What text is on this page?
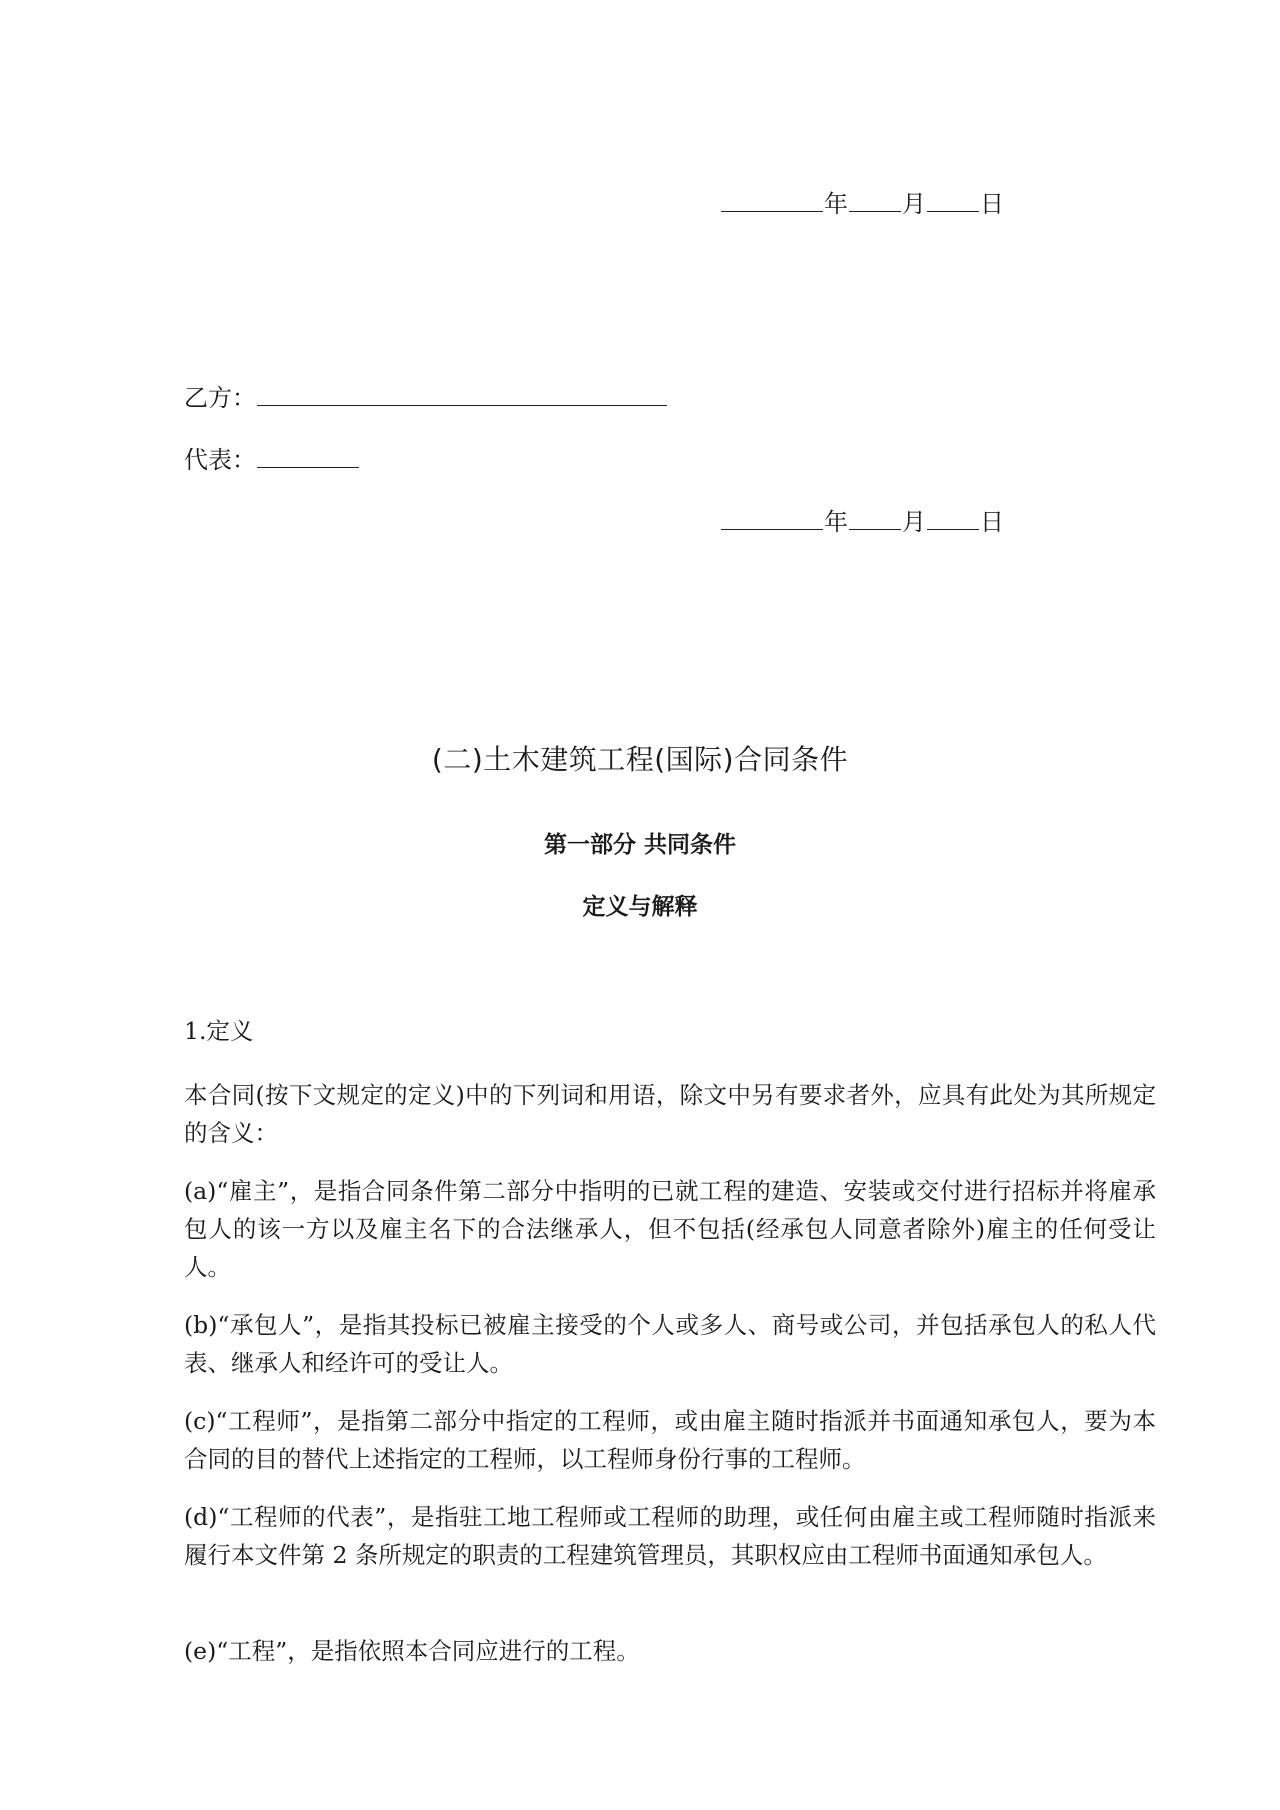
年 月 日
乙方：
代表：
年 月 日
(二)土木建筑工程(国际)合同条件
第一部分 共同条件
定义与解释
1.定义

本合同(按下文规定的定义)中的下列词和用语，除文中另有要求者外，应具有此处为其所规定的含义：

(a)“雇主”，是指合同条件第二部分中指明的已就工程的建造、安装或交付进行招标并将雇承包人的该一方以及雇主名下的合法继承人，但不包括(经承包人同意者除外)雇主的任何受让人。

(b)“承包人”，是指其投标已被雇主接受的个人或多人、商号或公司，并包括承包人的私人代表、继承人和经许可的受让人。

(c)“工程师”，是指第二部分中指定的工程师，或由雇主随时指派并书面通知承包人，要为本合同的目的替代上述指定的工程师，以工程师身份行事的工程师。

(d)“工程师的代表”，是指驻工地工程师或工程师的助理，或任何由雇主或工程师随时指派来履行本文件第 2 条所规定的职责的工程建筑管理员，其职权应由工程师书面通知承包人。

(e)“工程”，是指依照本合同应进行的工程。
